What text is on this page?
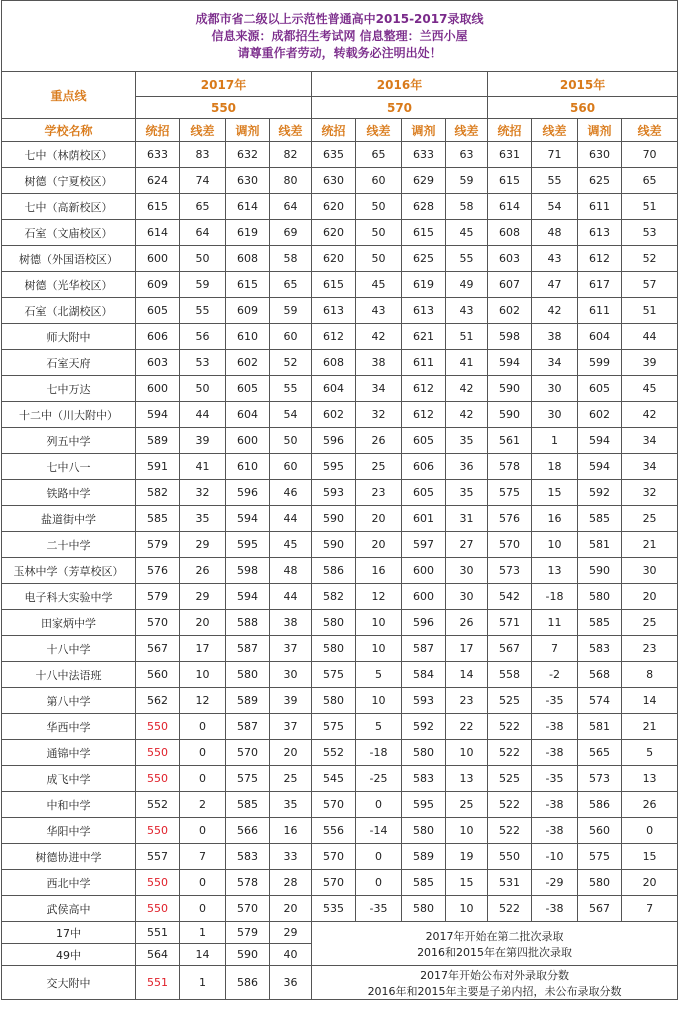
成都市省二级以上示范性普通高中2015-2017录取线
信息来源：成都招生考试网 信息整理：兰西小屋
请尊重作者劳动，转载务必注明出处！												

重点线	2017年				2016年				2015年			
	550				570				560			
学校名称	统招	线差	调剂	线差	统招	线差	调剂	线差	统招	线差	调剂	线差
七中（林荫校区）	633	83	632	82	635	65	633	63	631	71	630	70
树德（宁夏校区）	624	74	630	80	630	60	629	59	615	55	625	65
七中（高新校区）	615	65	614	64	620	50	628	58	614	54	611	51
石室（文庙校区）	614	64	619	69	620	50	615	45	608	48	613	53
树德（外国语校区）	600	50	608	58	620	50	625	55	603	43	612	52
树德（光华校区）	609	59	615	65	615	45	619	49	607	47	617	57
石室（北湖校区）	605	55	609	59	613	43	613	43	602	42	611	51
师大附中	606	56	610	60	612	42	621	51	598	38	604	44
石室天府	603	53	602	52	608	38	611	41	594	34	599	39
七中万达	600	50	605	55	604	34	612	42	590	30	605	45
十二中（川大附中）	594	44	604	54	602	32	612	42	590	30	602	42
列五中学	589	39	600	50	596	26	605	35	561	1	594	34
七中八一	591	41	610	60	595	25	606	36	578	18	594	34
铁路中学	582	32	596	46	593	23	605	35	575	15	592	32
盐道街中学	585	35	594	44	590	20	601	31	576	16	585	25
二十中学	579	29	595	45	590	20	597	27	570	10	581	21
玉林中学（芳草校区）	576	26	598	48	586	16	600	30	573	13	590	30
电子科大实验中学	579	29	594	44	582	12	600	30	542	-18	580	20
田家炳中学	570	20	588	38	580	10	596	26	571	11	585	25
十八中学	567	17	587	37	580	10	587	17	567	7	583	23
十八中法语班	560	10	580	30	575	5	584	14	558	-2	568	8
第八中学	562	12	589	39	580	10	593	23	525	-35	574	14
华西中学	550	0	587	37	575	5	592	22	522	-38	581	21
通锦中学	550	0	570	20	552	-18	580	10	522	-38	565	5
成飞中学	550	0	575	25	545	-25	583	13	525	-35	573	13
中和中学	552	2	585	35	570	0	595	25	522	-38	586	26
华阳中学	550	0	566	16	556	-14	580	10	522	-38	560	0
树德协进中学	557	7	583	33	570	0	589	19	550	-10	575	15
西北中学	550	0	578	28	570	0	585	15	531	-29	580	20
武侯高中	550	0	570	20	535	-35	580	10	522	-38	567	7
17中	551	1	579	29	2017年开始在第二批次录取
2016和2015年在第四批次录取							

49中	564	14	590	40								
交大附中	551	1	586	36	2017年开始公布对外录取分数
2016年和2015年主要是子弟内招，未公布录取分数							
